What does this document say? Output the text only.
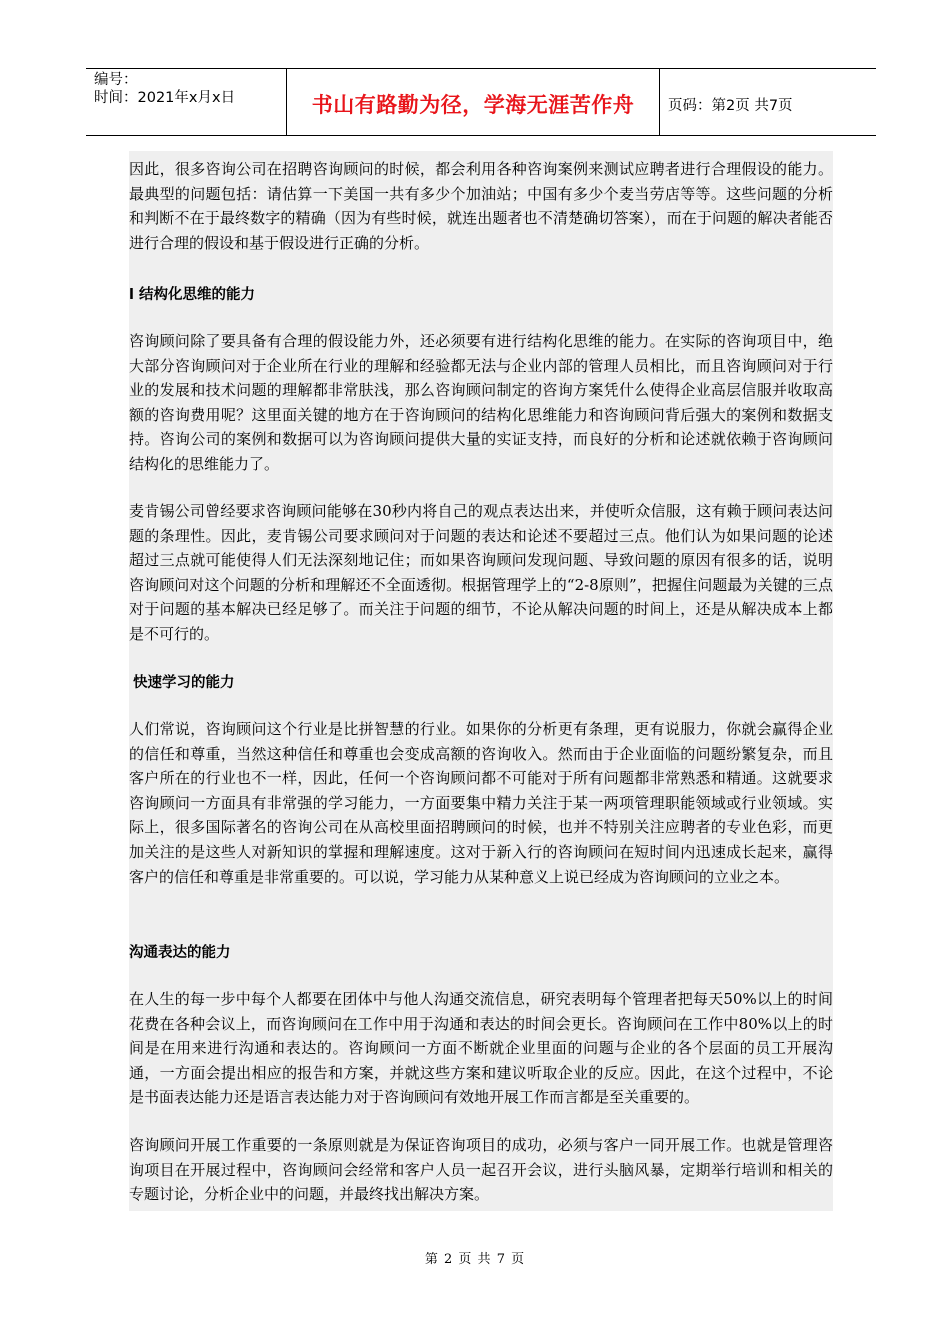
编号：
时间：2021年x月x日	书山有路勤为径，学海无涯苦作舟 页码：第2页 共7页

因此，很多咨询公司在招聘咨询顾问的时候，都会利用各种咨询案例来测试应聘者进行合理假设的能力。最典型的问题包括：请估算一下美国一共有多少个加油站；中国有多少个麦当劳店等等。这些问题的分析和判断不在于最终数字的精确（因为有些时候，就连出题者也不清楚确切答案），而在于问题的解决者能否进行合理的假设和基于假设进行正确的分析。

l 结构化思维的能力

咨询顾问除了要具备有合理的假设能力外，还必须要有进行结构化思维的能力。在实际的咨询项目中，绝大部分咨询顾问对于企业所在行业的理解和经验都无法与企业内部的管理人员相比，而且咨询顾问对于行业的发展和技术问题的理解都非常肤浅，那么咨询顾问制定的咨询方案凭什么使得企业高层信服并收取高额的咨询费用呢？这里面关键的地方在于咨询顾问的结构化思维能力和咨询顾问背后强大的案例和数据支持。咨询公司的案例和数据可以为咨询顾问提供大量的实证支持，而良好的分析和论述就依赖于咨询顾问结构化的思维能力了。

麦肯锡公司曾经要求咨询顾问能够在30秒内将自己的观点表达出来，并使听众信服，这有赖于顾问表达问题的条理性。因此，麦肯锡公司要求顾问对于问题的表达和论述不要超过三点。他们认为如果问题的论述超过三点就可能使得人们无法深刻地记住；而如果咨询顾问发现问题、导致问题的原因有很多的话，说明咨询顾问对这个问题的分析和理解还不全面透彻。根据管理学上的“2-8原则”，把握住问题最为关键的三点对于问题的基本解决已经足够了。而关注于问题的细节，不论从解决问题的时间上，还是从解决成本上都是不可行的。

快速学习的能力

人们常说，咨询顾问这个行业是比拼智慧的行业。如果你的分析更有条理，更有说服力，你就会赢得企业的信任和尊重，当然这种信任和尊重也会变成高额的咨询收入。然而由于企业面临的问题纷繁复杂，而且客户所在的行业也不一样，因此，任何一个咨询顾问都不可能对于所有问题都非常熟悉和精通。这就要求咨询顾问一方面具有非常强的学习能力，一方面要集中精力关注于某一两项管理职能领域或行业领域。实际上，很多国际著名的咨询公司在从高校里面招聘顾问的时候，也并不特别关注应聘者的专业色彩，而更加关注的是这些人对新知识的掌握和理解速度。这对于新入行的咨询顾问在短时间内迅速成长起来，赢得客户的信任和尊重是非常重要的。可以说，学习能力从某种意义上说已经成为咨询顾问的立业之本。

沟通表达的能力

在人生的每一步中每个人都要在团体中与他人沟通交流信息，研究表明每个管理者把每天50%以上的时间花费在各种会议上，而咨询顾问在工作中用于沟通和表达的时间会更长。咨询顾问在工作中80%以上的时间是在用来进行沟通和表达的。咨询顾问一方面不断就企业里面的问题与企业的各个层面的员工开展沟通，一方面会提出相应的报告和方案，并就这些方案和建议听取企业的反应。因此，在这个过程中，不论是书面表达能力还是语言表达能力对于咨询顾问有效地开展工作而言都是至关重要的。

咨询顾问开展工作重要的一条原则就是为保证咨询项目的成功，必须与客户一同开展工作。也就是管理咨询项目在开展过程中，咨询顾问会经常和客户人员一起召开会议，进行头脑风暴，定期举行培训和相关的专题讨论，分析企业中的问题，并最终找出解决方案。

第 2 页 共 7 页
